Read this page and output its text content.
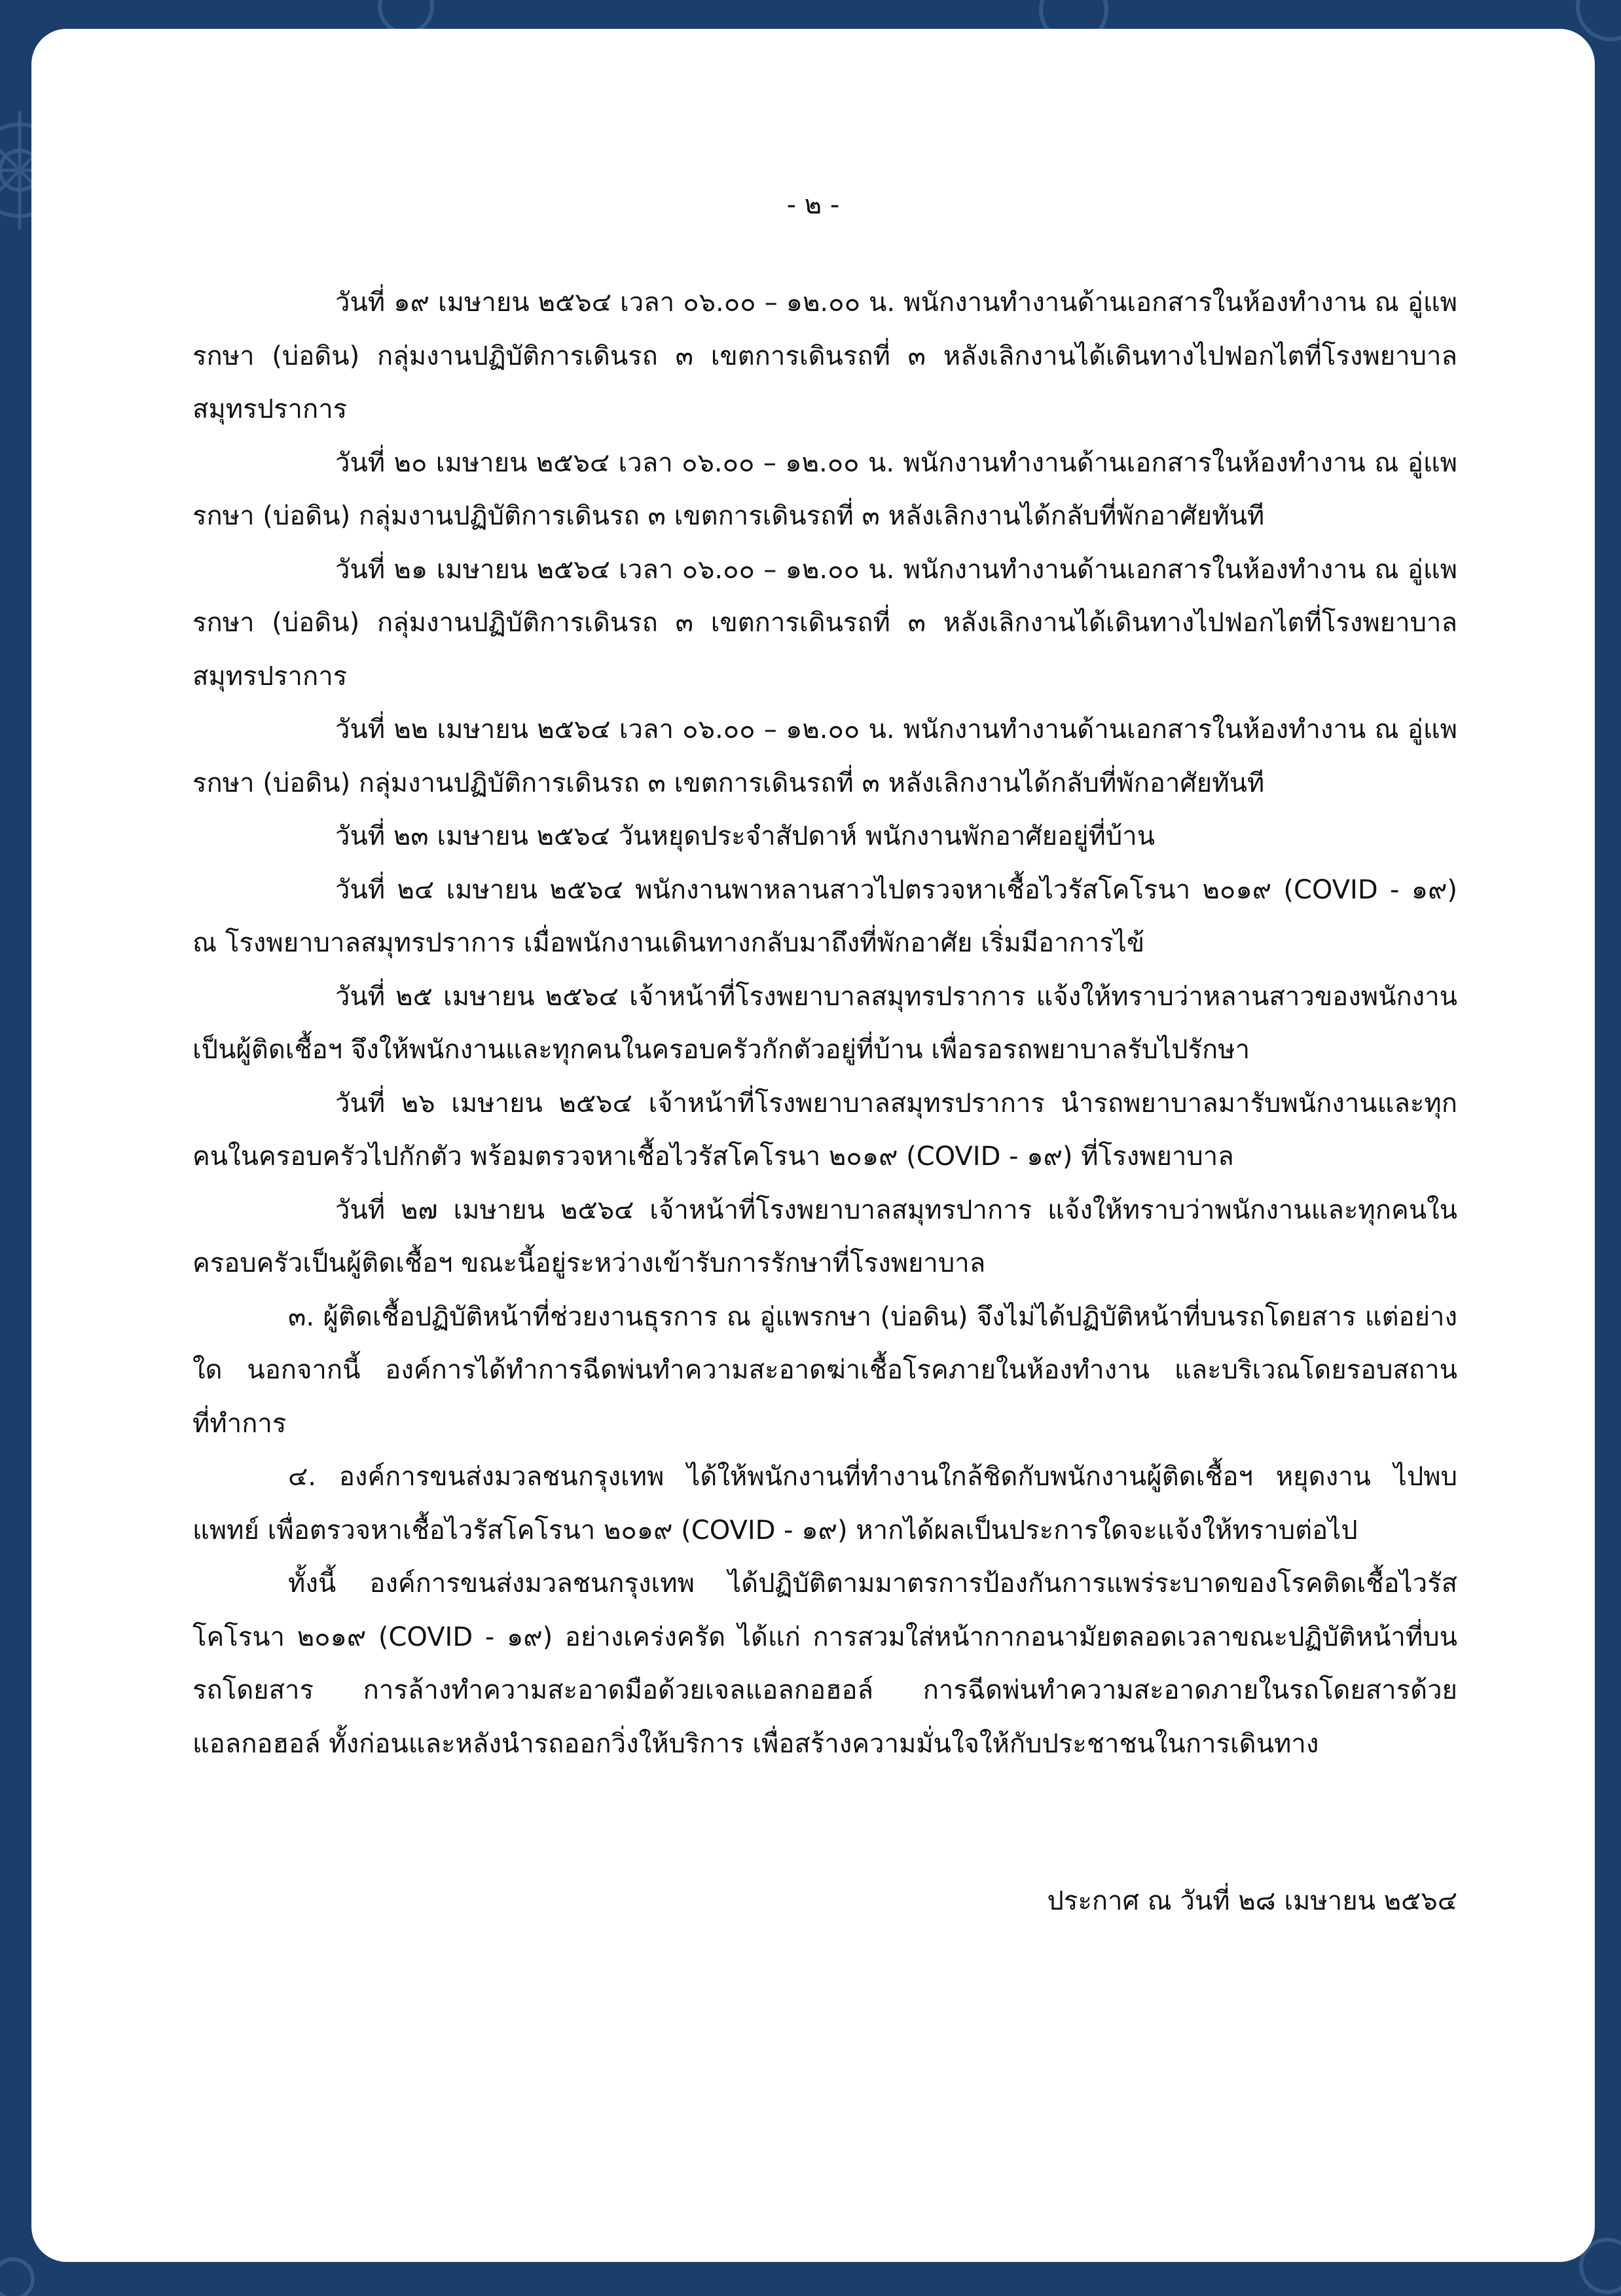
- ๒ -

วันที่ ๑๙ เมษายน ๒๕๖๔ เวลา ๐๖.๐๐ – ๑๒.๐๐ น. พนักงานทำงานด้านเอกสารในห้องทำงาน ณ อู่แพรกษา (บ่อดิน) กลุ่มงานปฏิบัติการเดินรถ ๓ เขตการเดินรถที่ ๓ หลังเลิกงานได้เดินทางไปฟอกไตที่โรงพยาบาลสมุทรปราการ

วันที่ ๒๐ เมษายน ๒๕๖๔ เวลา ๐๖.๐๐ – ๑๒.๐๐ น. พนักงานทำงานด้านเอกสารในห้องทำงาน ณ อู่แพรกษา (บ่อดิน) กลุ่มงานปฏิบัติการเดินรถ ๓ เขตการเดินรถที่ ๓ หลังเลิกงานได้กลับที่พักอาศัยทันที

วันที่ ๒๑ เมษายน ๒๕๖๔ เวลา ๐๖.๐๐ – ๑๒.๐๐ น. พนักงานทำงานด้านเอกสารในห้องทำงาน ณ อู่แพรกษา (บ่อดิน) กลุ่มงานปฏิบัติการเดินรถ ๓ เขตการเดินรถที่ ๓ หลังเลิกงานได้เดินทางไปฟอกไตที่โรงพยาบาลสมุทรปราการ

วันที่ ๒๒ เมษายน ๒๕๖๔ เวลา ๐๖.๐๐ – ๑๒.๐๐ น. พนักงานทำงานด้านเอกสารในห้องทำงาน ณ อู่แพรกษา (บ่อดิน) กลุ่มงานปฏิบัติการเดินรถ ๓ เขตการเดินรถที่ ๓ หลังเลิกงานได้กลับที่พักอาศัยทันที

วันที่ ๒๓ เมษายน ๒๕๖๔ วันหยุดประจำสัปดาห์ พนักงานพักอาศัยอยู่ที่บ้าน

วันที่ ๒๔ เมษายน ๒๕๖๔ พนักงานพาหลานสาวไปตรวจหาเชื้อไวรัสโคโรนา ๒๐๑๙ (COVID - ๑๙) ณ โรงพยาบาลสมุทรปราการ เมื่อพนักงานเดินทางกลับมาถึงที่พักอาศัย เริ่มมีอาการไข้

วันที่ ๒๕ เมษายน ๒๕๖๔ เจ้าหน้าที่โรงพยาบาลสมุทรปราการ แจ้งให้ทราบว่าหลานสาวของพนักงานเป็นผู้ติดเชื้อฯ จึงให้พนักงานและทุกคนในครอบครัวกักตัวอยู่ที่บ้าน เพื่อรอรถพยาบาลรับไปรักษา

วันที่ ๒๖ เมษายน ๒๕๖๔ เจ้าหน้าที่โรงพยาบาลสมุทรปราการ นำรถพยาบาลมารับพนักงานและทุกคนในครอบครัวไปกักตัว พร้อมตรวจหาเชื้อไวรัสโคโรนา ๒๐๑๙ (COVID - ๑๙) ที่โรงพยาบาล

วันที่ ๒๗ เมษายน ๒๕๖๔ เจ้าหน้าที่โรงพยาบาลสมุทรปาการ แจ้งให้ทราบว่าพนักงานและทุกคนในครอบครัวเป็นผู้ติดเชื้อฯ ขณะนี้อยู่ระหว่างเข้ารับการรักษาที่โรงพยาบาล

๓. ผู้ติดเชื้อปฏิบัติหน้าที่ช่วยงานธุรการ ณ อู่แพรกษา (บ่อดิน) จึงไม่ได้ปฏิบัติหน้าที่บนรถโดยสาร แต่อย่างใด นอกจากนี้ องค์การได้ทำการฉีดพ่นทำความสะอาดฆ่าเชื้อโรคภายในห้องทำงาน และบริเวณโดยรอบสถานที่ทำการ

๔. องค์การขนส่งมวลชนกรุงเทพ ได้ให้พนักงานที่ทำงานใกล้ชิดกับพนักงานผู้ติดเชื้อฯ หยุดงาน ไปพบแพทย์ เพื่อตรวจหาเชื้อไวรัสโคโรนา ๒๐๑๙ (COVID - ๑๙) หากได้ผลเป็นประการใดจะแจ้งให้ทราบต่อไป

ทั้งนี้ องค์การขนส่งมวลชนกรุงเทพ ได้ปฏิบัติตามมาตรการป้องกันการแพร่ระบาดของโรคติดเชื้อไวรัสโคโรนา ๒๐๑๙ (COVID - ๑๙) อย่างเคร่งครัด ได้แก่ การสวมใส่หน้ากากอนามัยตลอดเวลาขณะปฏิบัติหน้าที่บนรถโดยสาร การล้างทำความสะอาดมือด้วยเจลแอลกอฮอล์ การฉีดพ่นทำความสะอาดภายในรถโดยสารด้วยแอลกอฮอล์ ทั้งก่อนและหลังนำรถออกวิ่งให้บริการ เพื่อสร้างความมั่นใจให้กับประชาชนในการเดินทาง

ประกาศ ณ วันที่ ๒๘ เมษายน ๒๕๖๔
